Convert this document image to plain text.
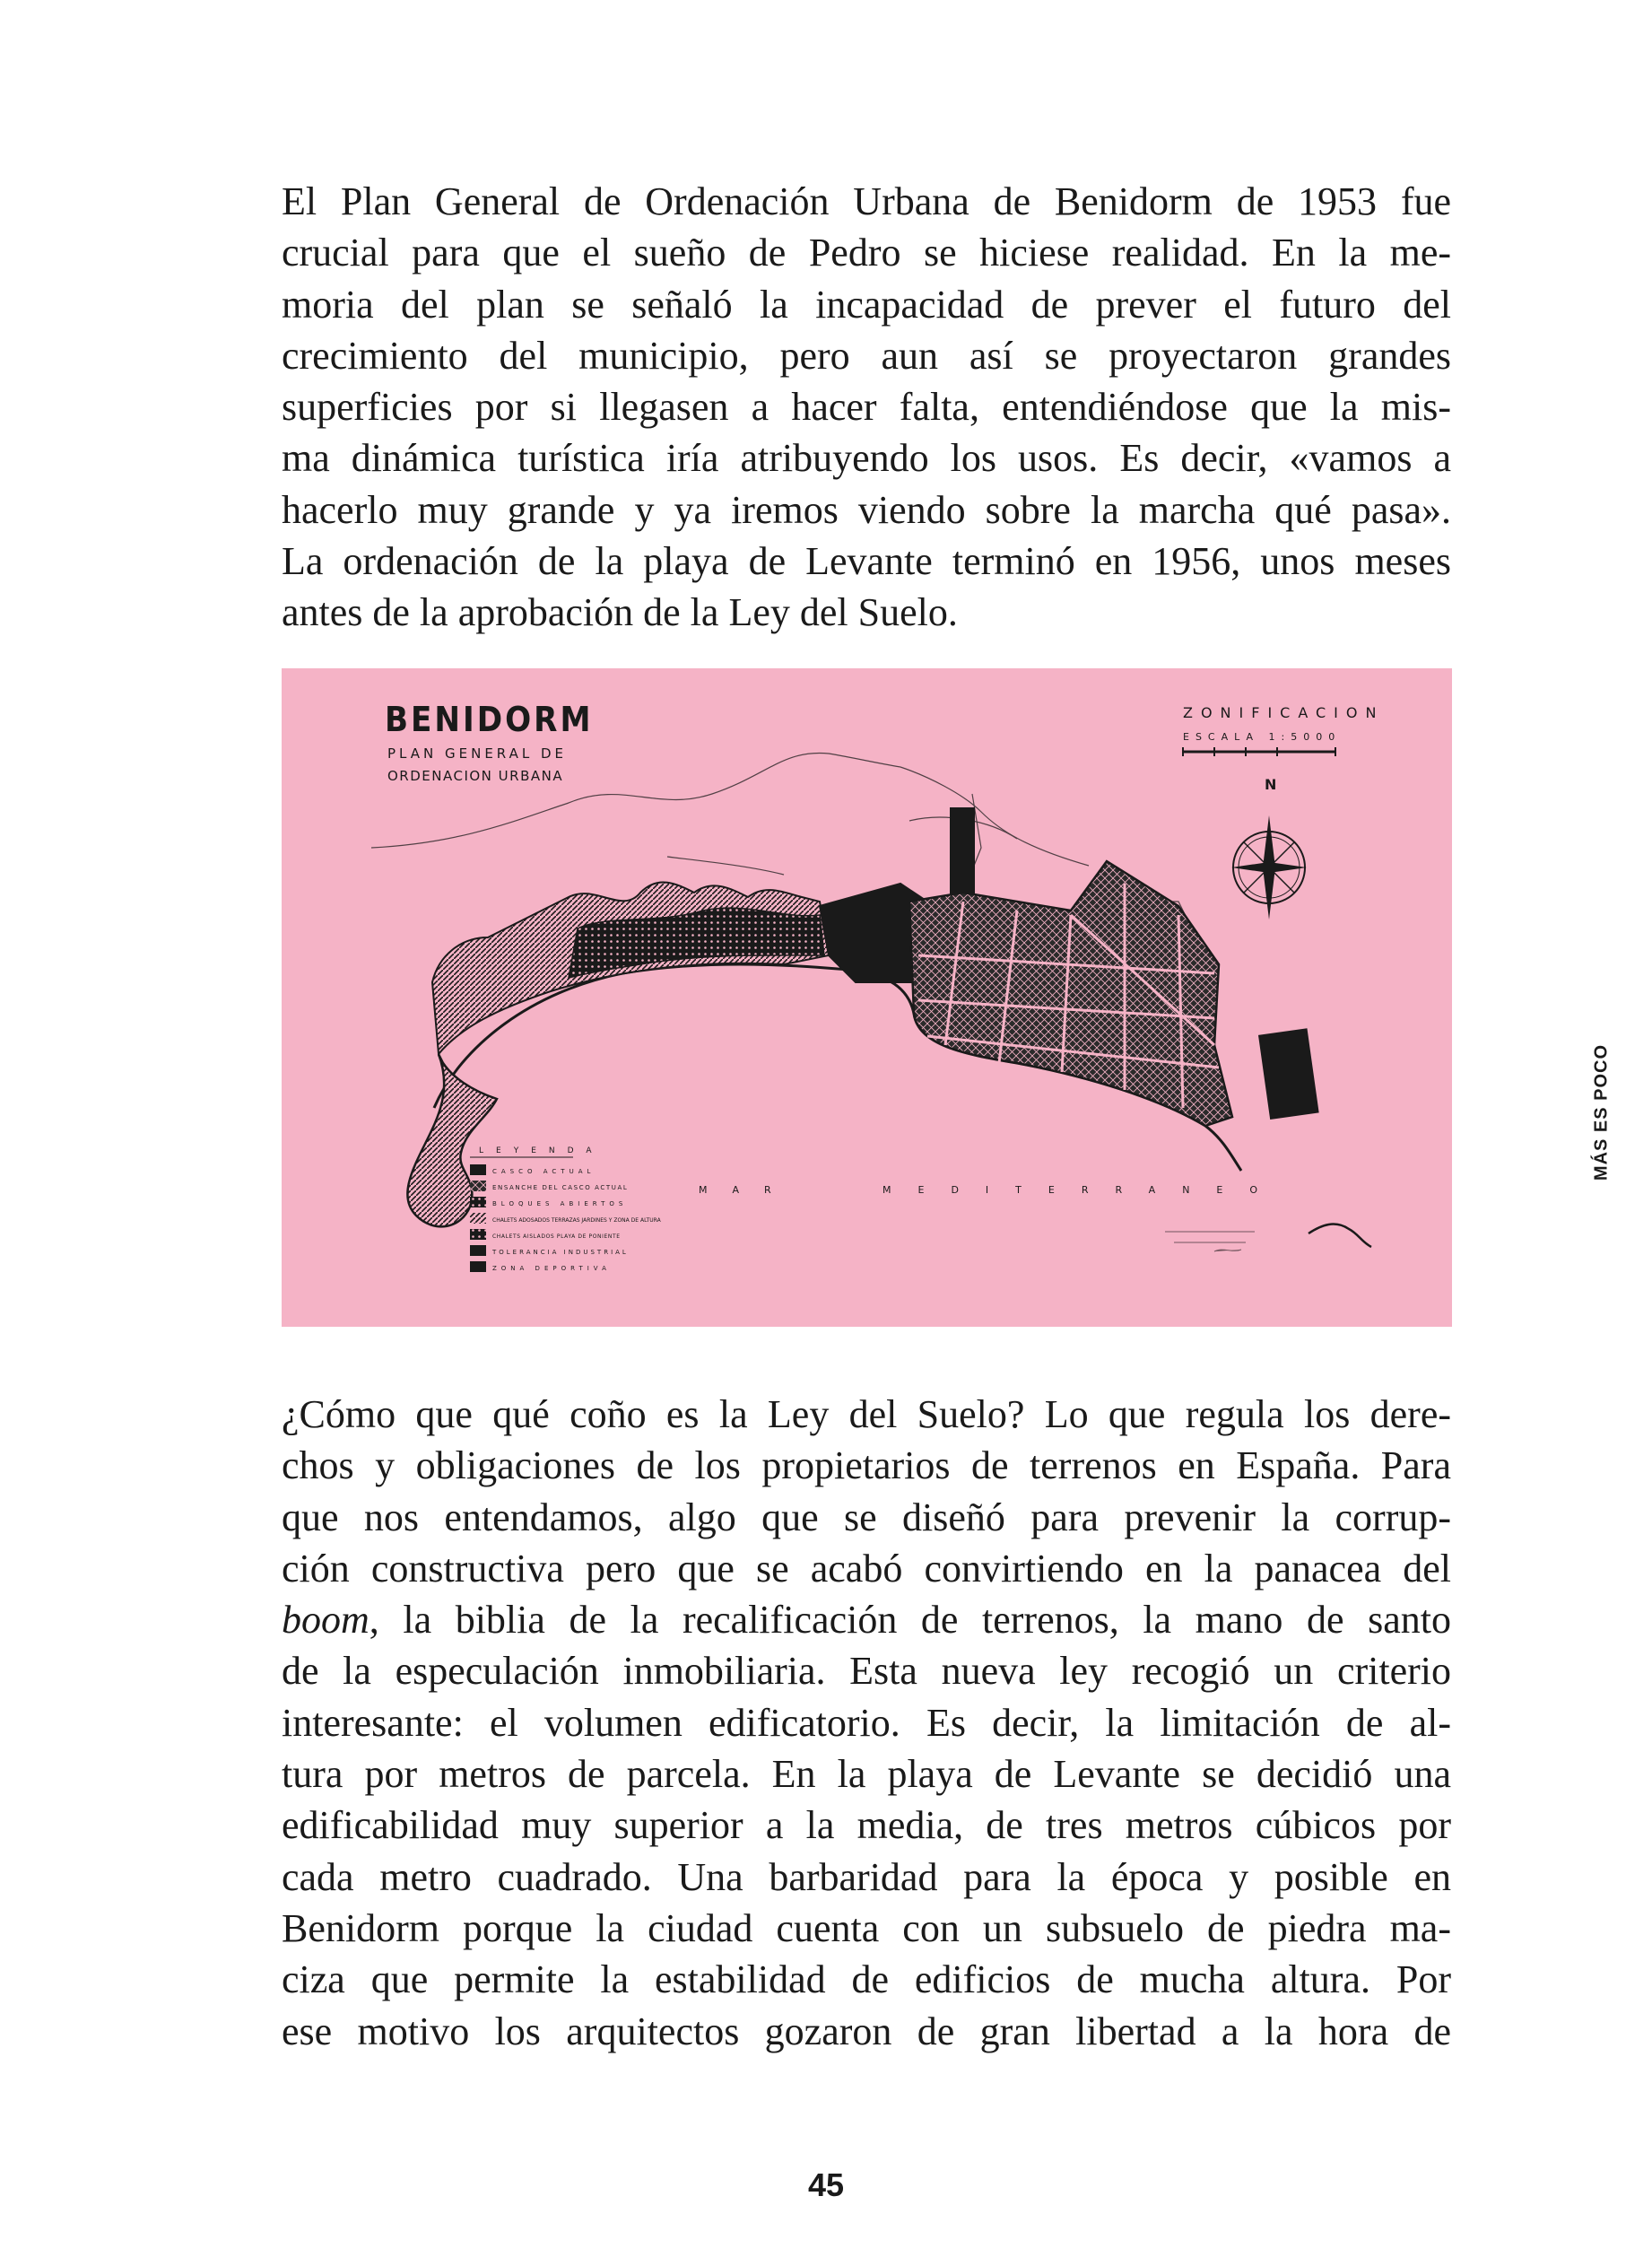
El Plan General de Ordenación Urbana de Benidorm de 1953 fue
crucial para que el sueño de Pedro se hiciese realidad. En la me-
moria del plan se señaló la incapacidad de prever el futuro del
crecimiento del municipio, pero aun así se proyectaron grandes
superficies por si llegasen a hacer falta, entendiéndose que la mis-
ma dinámica turística iría atribuyendo los usos. Es decir, «vamos a
hacerlo muy grande y ya iremos viendo sobre la marcha qué pasa».
La ordenación de la playa de Levante terminó en 1956, unos meses
antes de la aprobación de la Ley del Suelo.
BENIDORM
PLAN GENERAL DE
ORDENACION URBANA
ZONIFICACION
ESCALA 1:5000
N
MAR	MEDITERRANEO
LEYENDA
CASCO ACTUAL
ENSANCHE DEL CASCO ACTUAL
BLOQUES ABIERTOS
CHALETS ADOSADOS TERRAZAS JARDINES Y ZONA DE ALTURA
CHALETS AISLADOS PLAYA DE PONIENTE
TOLERANCIA INDUSTRIAL
ZONA DEPORTIVA
¿Cómo que qué coño es la Ley del Suelo? Lo que regula los dere-
chos y obligaciones de los propietarios de terrenos en España. Para
que nos entendamos, algo que se diseñó para prevenir la corrup-
ción constructiva pero que se acabó convirtiendo en la panacea del
boom, la biblia de la recalificación de terrenos, la mano de santo
de la especulación inmobiliaria. Esta nueva ley recogió un criterio
interesante: el volumen edificatorio. Es decir, la limitación de al-
tura por metros de parcela. En la playa de Levante se decidió una
edificabilidad muy superior a la media, de tres metros cúbicos por
cada metro cuadrado. Una barbaridad para la época y posible en
Benidorm porque la ciudad cuenta con un subsuelo de piedra ma-
ciza que permite la estabilidad de edificios de mucha altura. Por
ese motivo los arquitectos gozaron de gran libertad a la hora de
MÁS ES POCO
45
